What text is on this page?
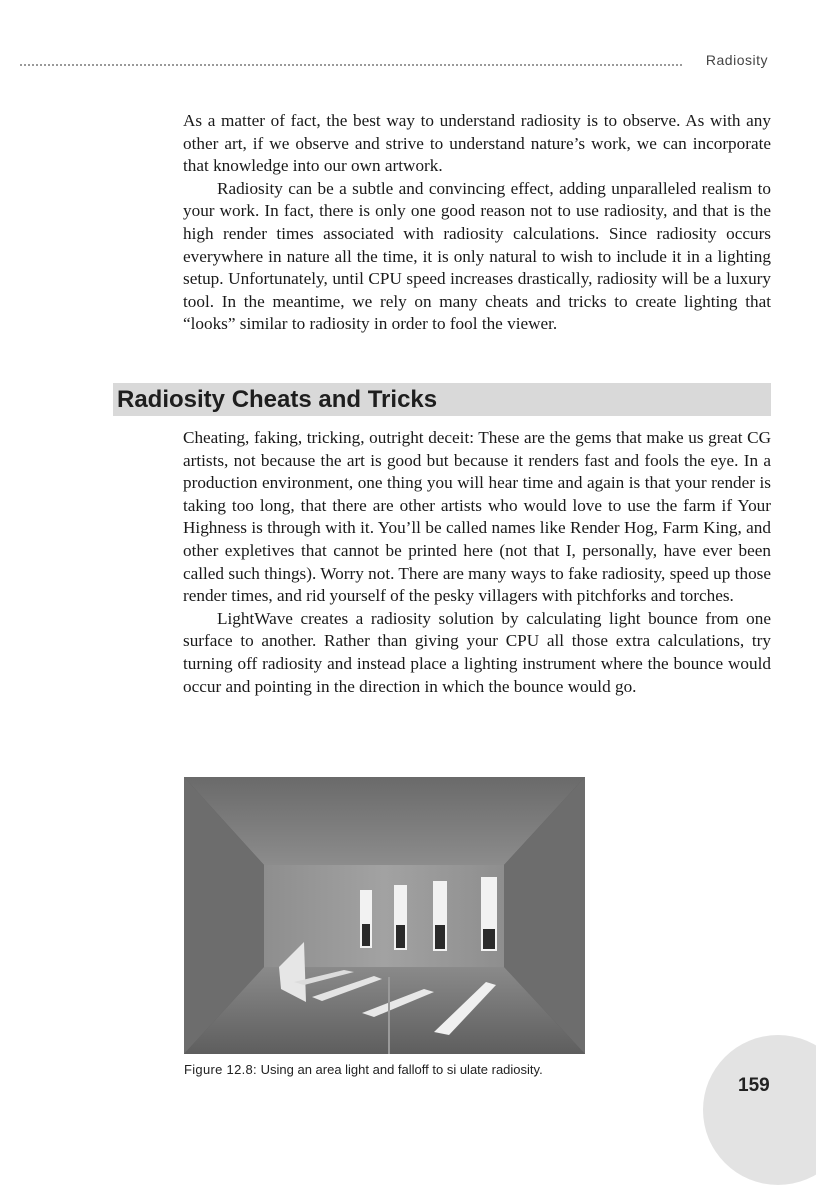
Radiosity

As a matter of fact, the best way to understand radiosity is to observe. As with any other art, if we observe and strive to understand nature’s work, we can incorporate that knowledge into our own artwork.

Radiosity can be a subtle and convincing effect, adding unparalleled realism to your work. In fact, there is only one good reason not to use radiosity, and that is the high render times associated with radiosity calculations. Since radiosity occurs everywhere in nature all the time, it is only natural to wish to include it in a lighting setup. Unfortunately, until CPU speed increases drastically, radiosity will be a luxury tool. In the meantime, we rely on many cheats and tricks to create lighting that “looks” similar to radiosity in order to fool the viewer.

Radiosity Cheats and Tricks

Cheating, faking, tricking, outright deceit: These are the gems that make us great CG artists, not because the art is good but because it renders fast and fools the eye. In a production environment, one thing you will hear time and again is that your render is taking too long, that there are other artists who would love to use the farm if Your Highness is through with it. You’ll be called names like Render Hog, Farm King, and other expletives that cannot be printed here (not that I, personally, have ever been called such things). Worry not. There are many ways to fake radiosity, speed up those render times, and rid yourself of the pesky villagers with pitchforks and torches.

LightWave creates a radiosity solution by calculating light bounce from one surface to another. Rather than giving your CPU all those extra calculations, try turning off radiosity and instead place a lighting instrument where the bounce would occur and pointing in the direction in which the bounce would go.

Figure 12.8: Using an area light and falloff to si ulate radiosity.
159
